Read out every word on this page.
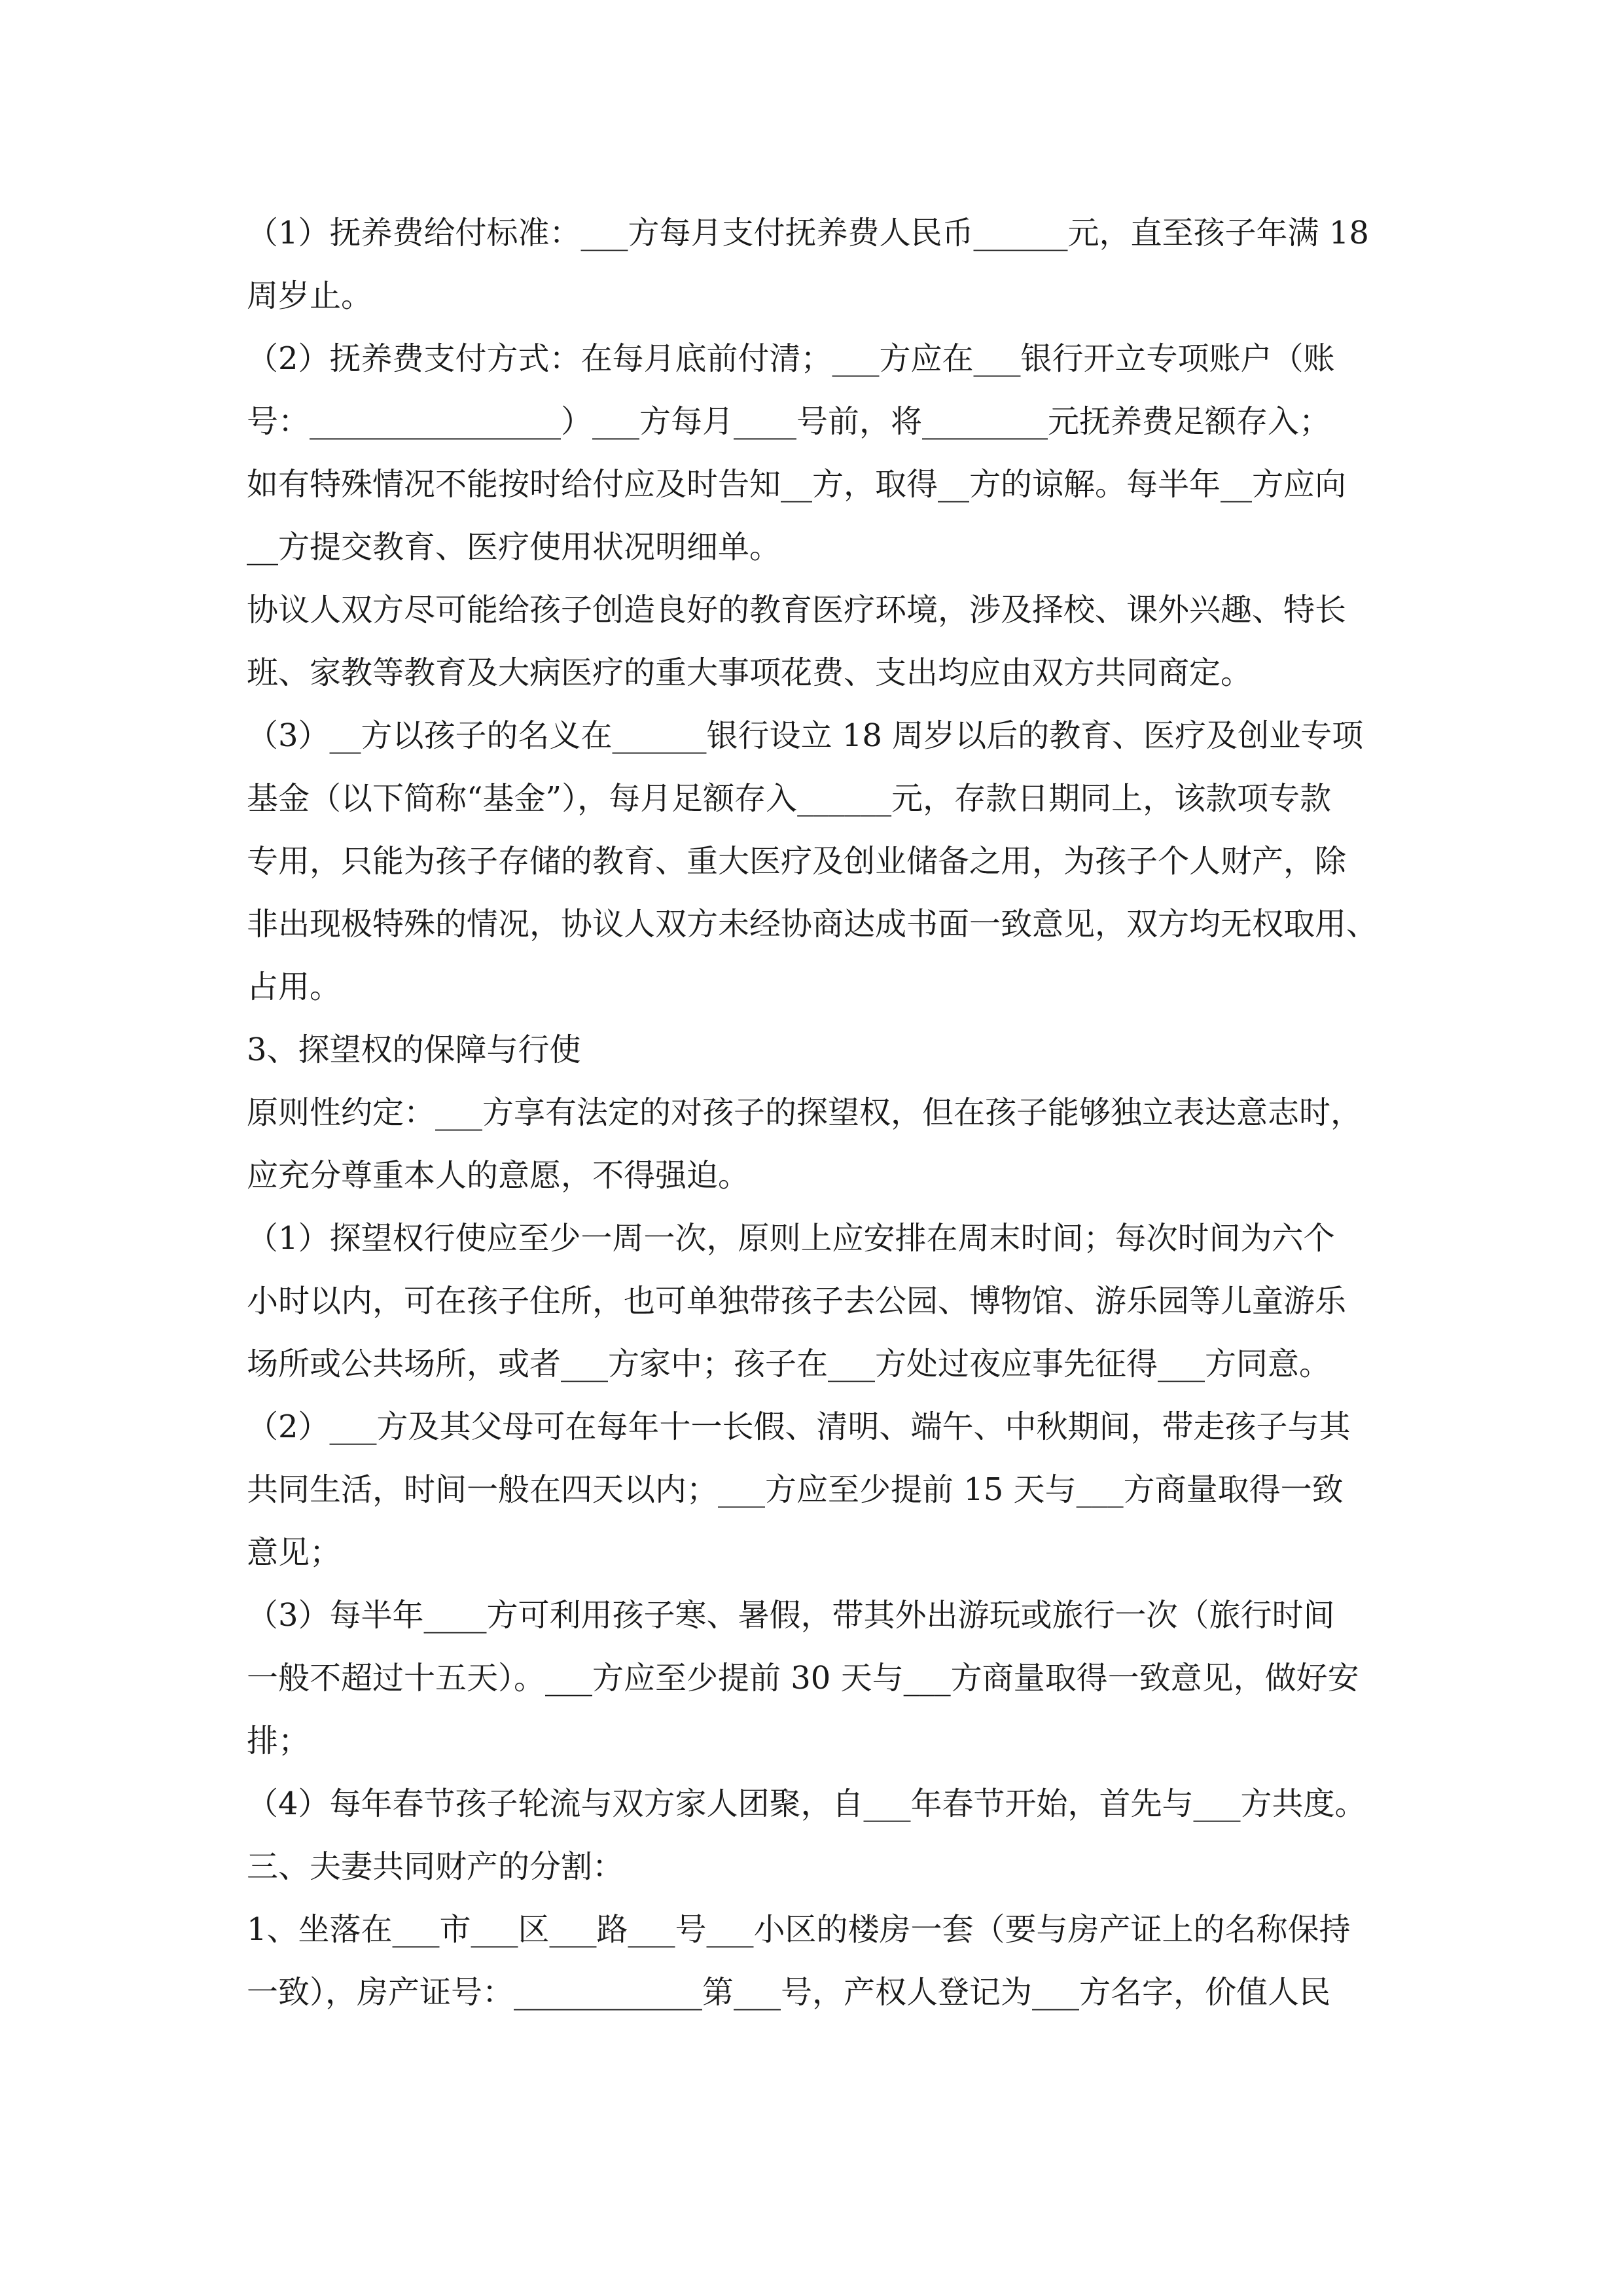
（1）抚养费给付标准：___方每月支付抚养费人民币______元，直至孩子年满 18
周岁止。
（2）抚养费支付方式：在每月底前付清；___方应在___银行开立专项账户（账
号：________________）___方每月____号前，将________元抚养费足额存入；
如有特殊情况不能按时给付应及时告知__方，取得__方的谅解。每半年__方应向
__方提交教育、医疗使用状况明细单。
协议人双方尽可能给孩子创造良好的教育医疗环境，涉及择校、课外兴趣、特长
班、家教等教育及大病医疗的重大事项花费、支出均应由双方共同商定。
（3）__方以孩子的名义在______银行设立 18 周岁以后的教育、医疗及创业专项
基金（以下简称“基金”），每月足额存入______元，存款日期同上，该款项专款
专用，只能为孩子存储的教育、重大医疗及创业储备之用，为孩子个人财产，除
非出现极特殊的情况，协议人双方未经协商达成书面一致意见，双方均无权取用、
占用。
3、探望权的保障与行使
原则性约定：___方享有法定的对孩子的探望权，但在孩子能够独立表达意志时，
应充分尊重本人的意愿，不得强迫。
（1）探望权行使应至少一周一次，原则上应安排在周末时间；每次时间为六个
小时以内，可在孩子住所，也可单独带孩子去公园、博物馆、游乐园等儿童游乐
场所或公共场所，或者___方家中；孩子在___方处过夜应事先征得___方同意。
（2）___方及其父母可在每年十一长假、清明、端午、中秋期间，带走孩子与其
共同生活，时间一般在四天以内；___方应至少提前 15 天与___方商量取得一致
意见；
（3）每半年____方可利用孩子寒、暑假，带其外出游玩或旅行一次（旅行时间
一般不超过十五天）。___方应至少提前 30 天与___方商量取得一致意见，做好安
排；
（4）每年春节孩子轮流与双方家人团聚，自___年春节开始，首先与___方共度。
三、夫妻共同财产的分割：
1、坐落在___市___区___路___号___小区的楼房一套（要与房产证上的名称保持
一致），房产证号：____________第___号，产权人登记为___方名字，价值人民
